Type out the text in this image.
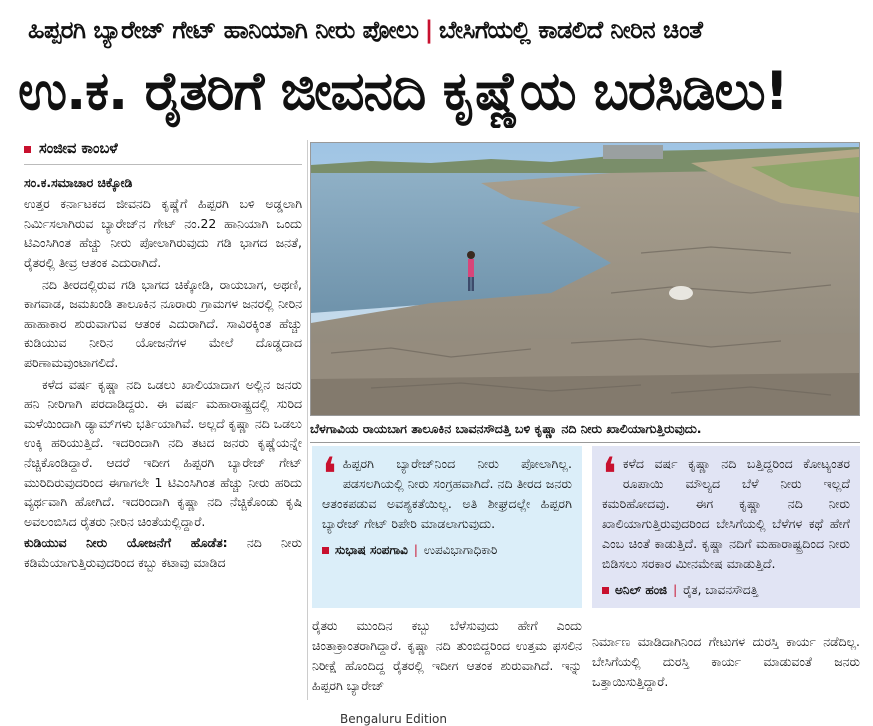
ಹಿಪ್ಪರಗಿ ಬ್ಯಾರೇಜ್ ಗೇಟ್ ಹಾನಿಯಾಗಿ ನೀರು ಪೋಲು | ಬೇಸಿಗೆಯಲ್ಲಿ ಕಾಡಲಿದೆ ನೀರಿನ ಚಿಂತೆ
ಉ.ಕ. ರೈತರಿಗೆ ಜೀವನದಿ ಕೃಷ್ಣೆಯ ಬರಸಿಡಿಲು!
ಸಂಜೀವ ಕಾಂಬಳೆ
ಸಂ.ಕ.ಸಮಾಚಾರ ಚಿಕ್ಕೋಡಿ
ಉತ್ತರ ಕರ್ನಾಟಕದ ಜೀವನದಿ ಕೃಷ್ಣೆಗೆ ಹಿಪ್ಪರಗಿ ಬಳಿ ಅಡ್ಡಲಾಗಿ ನಿರ್ಮಿಸಲಾಗಿರುವ ಬ್ಯಾರೇಜ್‌ನ ಗೇಟ್ ನಂ.22 ಹಾನಿಯಾಗಿ ಒಂದು ಟಿಎಂಸಿಗಿಂತ ಹೆಚ್ಚು ನೀರು ಪೋಲಾಗಿರುವುದು ಗಡಿ ಭಾಗದ ಜನತೆ, ರೈತರಲ್ಲಿ ತೀವ್ರ ಆತಂಕ ಎದುರಾಗಿದೆ.
ನದಿ ತೀರದಲ್ಲಿರುವ ಗಡಿ ಭಾಗದ ಚಿಕ್ಕೋಡಿ, ರಾಯಬಾಗ, ಅಥಣಿ, ಕಾಗವಾಡ, ಜಮಖಂಡಿ ತಾಲೂಕಿನ ನೂರಾರು ಗ್ರಾಮಗಳ ಜನರಲ್ಲಿ ನೀರಿನ ಹಾಹಾಕಾರ ಶುರುವಾಗುವ ಆತಂಕ ಎದುರಾಗಿದೆ. ಸಾವಿರಕ್ಕಿಂತ ಹೆಚ್ಚು ಕುಡಿಯುವ ನೀರಿನ ಯೋಜನೆಗಳ ಮೇಲೆ ದೊಡ್ಡದಾದ ಪರಿಣಾಮವುಂಟಾಗಲಿದೆ.
ಕಳೆದ ವರ್ಷ ಕೃಷ್ಣಾ ನದಿ ಒಡಲು ಖಾಲಿಯಾದಾಗ ಅಲ್ಲಿನ ಜನರು ಹನಿ ನೀರಿಗಾಗಿ ಪರದಾಡಿದ್ದರು. ಈ ವರ್ಷ ಮಹಾರಾಷ್ಟ್ರದಲ್ಲಿ ಸುರಿದ ಮಳೆಯಿಂದಾಗಿ ಡ್ಯಾಮ್‌ಗಳು ಭರ್ತಿಯಾಗಿವೆ. ಅಲ್ಲದೆ ಕೃಷ್ಣಾ ನದಿ ಒಡಲು ಉಕ್ಕಿ ಹರಿಯುತ್ತಿದೆ. ಇದರಿಂದಾಗಿ ನದಿ ತಟದ ಜನರು ಕೃಷ್ಣೆಯನ್ನೇ ನೆಚ್ಚಿಕೊಂಡಿದ್ದಾರೆ. ಆದರೆ ಇದೀಗ ಹಿಪ್ಪರಗಿ ಬ್ಯಾರೇಜ್ ಗೇಟ್ ಮುರಿದಿರುವುದರಿಂದ ಈಗಾಗಲೇ 1 ಟಿಎಂಸಿಗಿಂತ ಹೆಚ್ಚು ನೀರು ಹರಿದು ವ್ಯರ್ಥವಾಗಿ ಹೋಗಿದೆ. ಇದರಿಂದಾಗಿ ಕೃಷ್ಣಾ ನದಿ ನೆಚ್ಚಿಕೊಂಡು ಕೃಷಿ ಅವಲಂಬಿಸಿದ ರೈತರು ನೀರಿನ ಚಿಂತೆಯಲ್ಲಿದ್ದಾರೆ.
ಕುಡಿಯುವ ನೀರು ಯೋಜನೆಗೆ ಹೊಡೆತ: ನದಿ ನೀರು ಕಡಿಮೆಯಾಗುತ್ತಿರುವುದರಿಂದ ಕಬ್ಬು ಕಟಾವು ಮಾಡಿದ
ಬೆಳಗಾವಿಯ ರಾಯಬಾಗ ತಾಲೂಕಿನ ಬಾವನಸೌದತ್ತಿ ಬಳಿ ಕೃಷ್ಣಾ ನದಿ ನೀರು ಖಾಲಿಯಾಗುತ್ತಿರುವುದು.
❛ ಹಿಪ್ಪರಗಿ ಬ್ಯಾರೇಜ್‌ನಿಂದ ನೀರು ಪೋಲಾಗಿಲ್ಲ. ಪಡಸಲಗಿಯಲ್ಲಿ ನೀರು ಸಂಗ್ರಹವಾಗಿದೆ. ನದಿ ತೀರದ ಜನರು ಆತಂಕಪಡುವ ಅವಶ್ಯಕತೆಯಿಲ್ಲ. ಅತಿ ಶೀಘ್ರದಲ್ಲೇ ಹಿಪ್ಪರಗಿ ಬ್ಯಾರೇಜ್ ಗೇಟ್ ರಿಪೇರಿ ಮಾಡಲಾಗುವುದು.
ಸುಭಾಷ ಸಂಪಗಾವಿ | ಉಪವಿಭಾಗಾಧಿಕಾರಿ
❛ ಕಳೆದ ವರ್ಷ ಕೃಷ್ಣಾ ನದಿ ಬತ್ತಿದ್ದರಿಂದ ಕೋಟ್ಯಂತರ ರೂಪಾಯಿ ಮೌಲ್ಯದ ಬೆಳೆ ನೀರು ಇಲ್ಲದೆ ಕಮರಿಹೋದವು. ಈಗ ಕೃಷ್ಣಾ ನದಿ ನೀರು ಖಾಲಿಯಾಗುತ್ತಿರುವುದರಿಂದ ಬೇಸಿಗೆಯಲ್ಲಿ ಬೆಳೆಗಳ ಕಥೆ ಹೇಗೆ ಎಂಬ ಚಿಂತೆ ಕಾಡುತ್ತಿದೆ. ಕೃಷ್ಣಾ ನದಿಗೆ ಮಹಾರಾಷ್ಟ್ರದಿಂದ ನೀರು ಬಿಡಿಸಲು ಸರಕಾರ ಮೀನಮೇಷ ಮಾಡುತ್ತಿದೆ.
ಅನಿಲ್ ಹಂಜಿ | ರೈತ, ಬಾವನಸೌದತ್ತಿ
ರೈತರು ಮುಂದಿನ ಕಬ್ಬು ಬೆಳೆಸುವುದು ಹೇಗೆ ಎಂದು ಚಿಂತಾಕ್ರಾಂತರಾಗಿದ್ದಾರೆ. ಕೃಷ್ಣಾ ನದಿ ತುಂಬಿದ್ದರಿಂದ ಉತ್ತಮ ಫಸಲಿನ ನಿರೀಕ್ಷೆ ಹೊಂದಿದ್ದ ರೈತರಲ್ಲಿ ಇದೀಗ ಆತಂಕ ಶುರುವಾಗಿದೆ. ಇನ್ನು ಹಿಪ್ಪರಗಿ ಬ್ಯಾರೇಜ್
ನಿರ್ಮಾಣ ಮಾಡಿದಾಗಿನಿಂದ ಗೇಟುಗಳ ದುರಸ್ತಿ ಕಾರ್ಯ ನಡೆದಿಲ್ಲ. ಬೇಸಿಗೆಯಲ್ಲಿ ದುರಸ್ತಿ ಕಾರ್ಯ ಮಾಡುವಂತೆ ಜನರು ಒತ್ತಾಯಿಸುತ್ತಿದ್ದಾರೆ.
Bengaluru Edition
